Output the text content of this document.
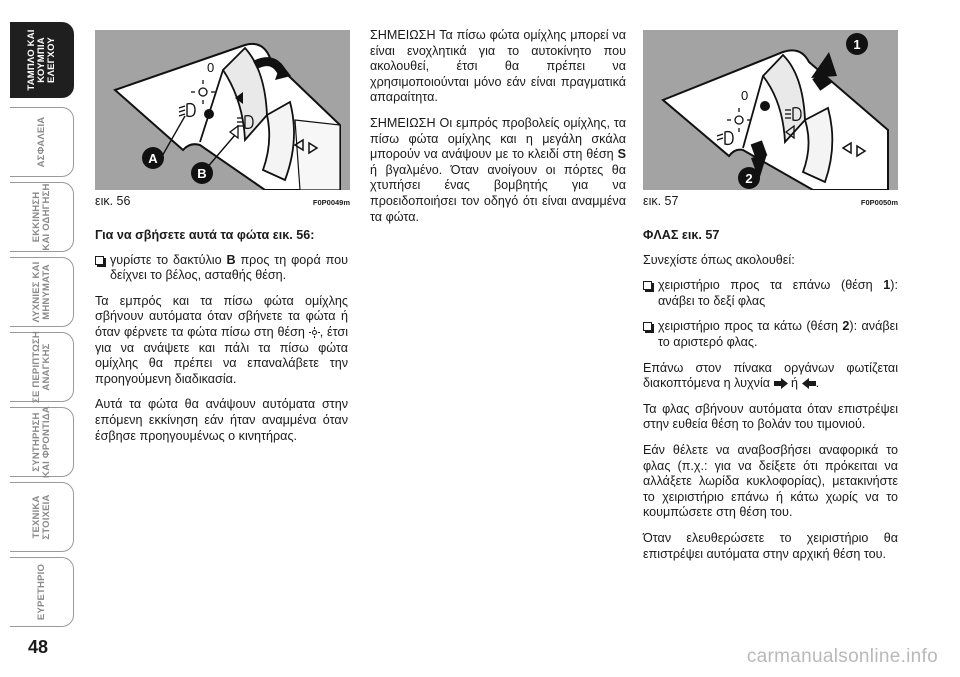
ΤΑΜΠΛΟ ΚΑΙ
ΚΟΥΜΠΙΑ
ΕΛΕΓΧΟΥ
ΑΣΦΑΛΕΙΑ
ΕΚΚΙΝΗΣΗ
ΚΑΙ ΟΔΗΓΗΣΗ
ΛΥΧΝΙΕΣ ΚΑΙ
ΜΗΝΥΜΑΤΑ
ΣΕ ΠΕΡΙΠΤΩΣΗ
ΑΝΑΓΚΗΣ
ΣΥΝΤΗΡΗΣΗ
ΚΑΙ ΦΡΟΝΤΙΔΑ
ΤΕΧΝΙΚΑ
ΣΤΟΙΧΕΙΑ
ΕΥΡΕΤΗΡΙΟ
48
0
A
B
εικ. 56	F0P0049m
0
1
2
εικ. 57	F0P0050m
Για να σβήσετε αυτά τα φώτα εικ. 56:
γυρίστε το δακτύλιο B προς τη φορά που δείχνει το βέλος, ασταθής θέση.

Τα εμπρός και τα πίσω φώτα ομίχλης σβήνουν αυτόματα όταν σβήνετε τα φώτα ή όταν φέρνετε τα φώτα πίσω στη θέση , έτσι για να ανάψετε και πάλι τα πίσω φώτα ομίχλης θα πρέπει να επαναλάβετε την προηγούμενη διαδικασία.

Αυτά τα φώτα θα ανάψουν αυτόματα στην επόμενη εκκίνηση εάν ήταν αναμμένα όταν έσβησε προηγουμένως ο κινητήρας.

ΣΗΜΕΙΩΣΗ Τα πίσω φώτα ομίχλης μπορεί να είναι ενοχλητικά για το αυτοκίνητο που ακολουθεί, έτσι θα πρέπει να χρησιμοποιούνται μόνο εάν είναι πραγματικά απαραίτητα.

ΣΗΜΕΙΩΣΗ Οι εμπρός προβολείς ομίχλης, τα πίσω φώτα ομίχλης και η μεγάλη σκάλα μπορούν να ανάψουν με το κλειδί στη θέση S ή βγαλμένο. Όταν ανοίγουν οι πόρτες θα χτυπήσει ένας βομβητής για να προειδοποιήσει τον οδηγό ότι είναι αναμμένα τα φώτα.

ΦΛΑΣ εικ. 57

Συνεχίστε όπως ακολουθεί:

χειριστήριο προς τα επάνω (θέση 1): ανάβει το δεξί φλας
χειριστήριο προς τα κάτω (θέση 2): ανάβει το αριστερό φλας.

Επάνω στον πίνακα οργάνων φωτίζεται διακοπτόμενα η λυχνία  ή .

Τα φλας σβήνουν αυτόματα όταν επιστρέψει στην ευθεία θέση το βολάν του τιμονιού.

Εάν θέλετε να αναβοσβήσει αναφορικά το φλας (π.χ.: για να δείξετε ότι πρόκειται να αλλάξετε λωρίδα κυκλοφορίας), μετακινήστε το χειριστήριο επάνω ή κάτω χωρίς να το κουμπώσετε στη θέση του.

Όταν ελευθερώσετε το χειριστήριο θα επιστρέψει αυτόματα στην αρχική θέση του.

carmanualsonline.info
